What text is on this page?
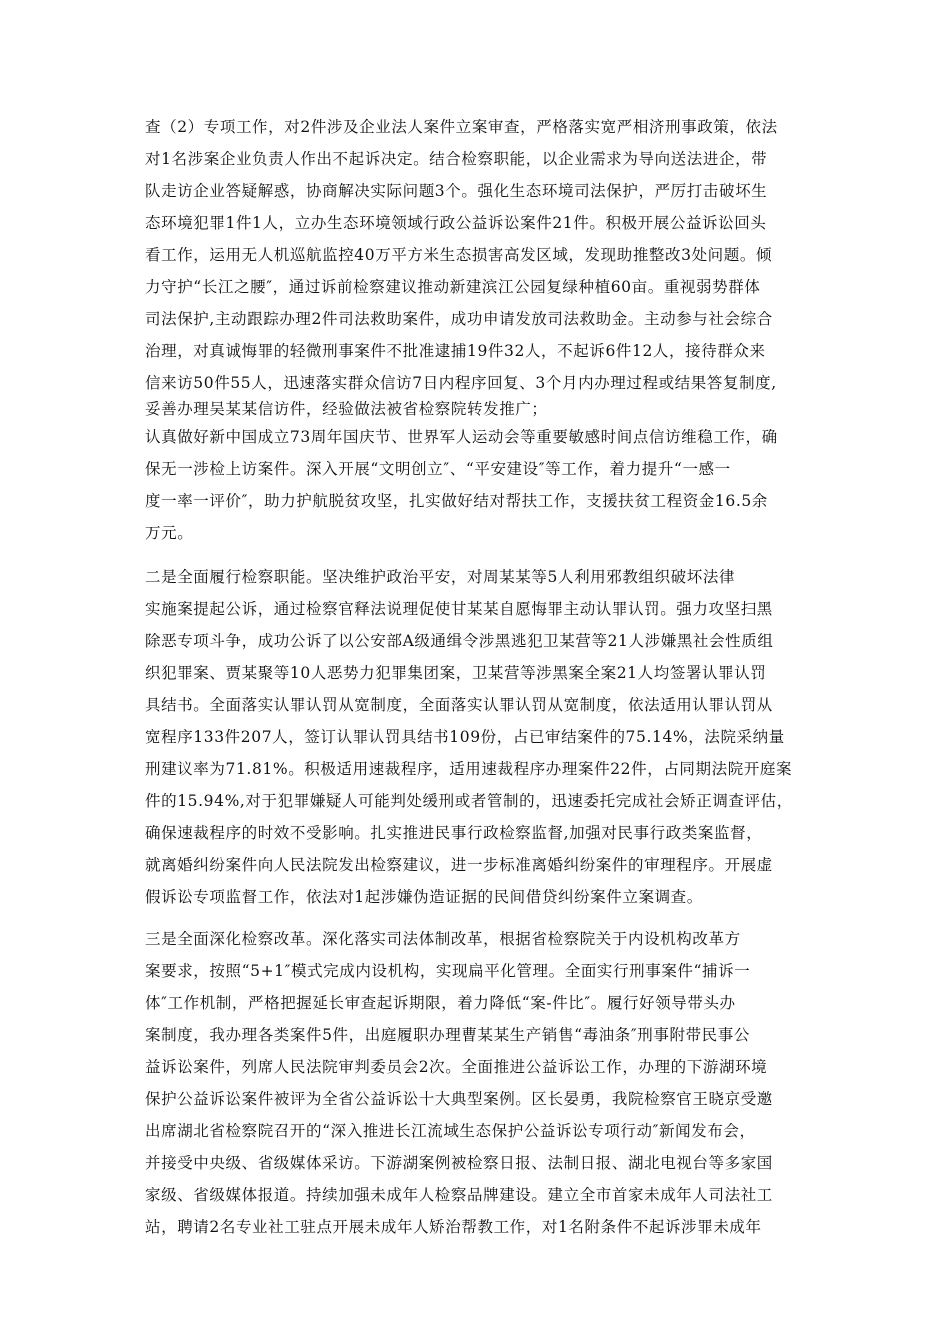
查（2）专项工作，对2件涉及企业法人案件立案审查，严格落实宽严相济刑事政策，依法
对1名涉案企业负责人作出不起诉决定。结合检察职能，以企业需求为导向送法进企，带
队走访企业答疑解惑，协商解决实际问题3个。强化生态环境司法保护，严厉打击破坏生
态环境犯罪1件1人，立办生态环境领域行政公益诉讼案件21件。积极开展公益诉讼回头
看工作，运用无人机巡航监控40万平方米生态损害高发区域，发现助推整改3处问题。倾
力守护“长江之腰″，通过诉前检察建议推动新建滨江公园复绿种植60亩。重视弱势群体
司法保护,主动跟踪办理2件司法救助案件，成功申请发放司法救助金。主动参与社会综合
治理，对真诚悔罪的轻微刑事案件不批准逮捕19件32人，不起诉6件12人，接待群众来
信来访50件55人，迅速落实群众信访7日内程序回复、3个月内办理过程或结果答复制度,
妥善办理吴某某信访件，经验做法被省检察院转发推广；
认真做好新中国成立73周年国庆节、世界军人运动会等重要敏感时间点信访维稳工作，确
保无一涉检上访案件。深入开展“文明创立″、“平安建设″等工作，着力提升“一感一
度一率一评价″，助力护航脱贫攻坚，扎实做好结对帮扶工作，支援扶贫工程资金16.5余
万元。
二是全面履行检察职能。坚决维护政治平安，对周某某等5人利用邪教组织破坏法律
实施案提起公诉，通过检察官释法说理促使甘某某自愿悔罪主动认罪认罚。强力攻坚扫黑
除恶专项斗争，成功公诉了以公安部A级通缉令涉黑逃犯卫某营等21人涉嫌黑社会性质组
织犯罪案、贾某聚等10人恶势力犯罪集团案，卫某营等涉黑案全案21人均签署认罪认罚
具结书。全面落实认罪认罚从宽制度，全面落实认罪认罚从宽制度，依法适用认罪认罚从
宽程序133件207人，签订认罪认罚具结书109份，占已审结案件的75.14%，法院采纳量
刑建议率为71.81%。积极适用速裁程序，适用速裁程序办理案件22件，占同期法院开庭案
件的15.94%,对于犯罪嫌疑人可能判处缓刑或者管制的，迅速委托完成社会矫正调查评估，
确保速裁程序的时效不受影响。扎实推进民事行政检察监督,加强对民事行政类案监督，
就离婚纠纷案件向人民法院发出检察建议，进一步标准离婚纠纷案件的审理程序。开展虚
假诉讼专项监督工作，依法对1起涉嫌伪造证据的民间借贷纠纷案件立案调查。
三是全面深化检察改革。深化落实司法体制改革，根据省检察院关于内设机构改革方
案要求，按照“5+1″模式完成内设机构，实现扁平化管理。全面实行刑事案件“捕诉一
体″工作机制，严格把握延长审查起诉期限，着力降低“案-件比″。履行好领导带头办
案制度，我办理各类案件5件，出庭履职办理曹某某生产销售“毒油条″刑事附带民事公
益诉讼案件，列席人民法院审判委员会2次。全面推进公益诉讼工作，办理的下游湖环境
保护公益诉讼案件被评为全省公益诉讼十大典型案例。区长晏勇，我院检察官王晓京受邀
出席湖北省检察院召开的“深入推进长江流域生态保护公益诉讼专项行动″新闻发布会，
并接受中央级、省级媒体采访。下游湖案例被检察日报、法制日报、湖北电视台等多家国
家级、省级媒体报道。持续加强未成年人检察品牌建设。建立全市首家未成年人司法社工
站，聘请2名专业社工驻点开展未成年人矫治帮教工作，对1名附条件不起诉涉罪未成年
